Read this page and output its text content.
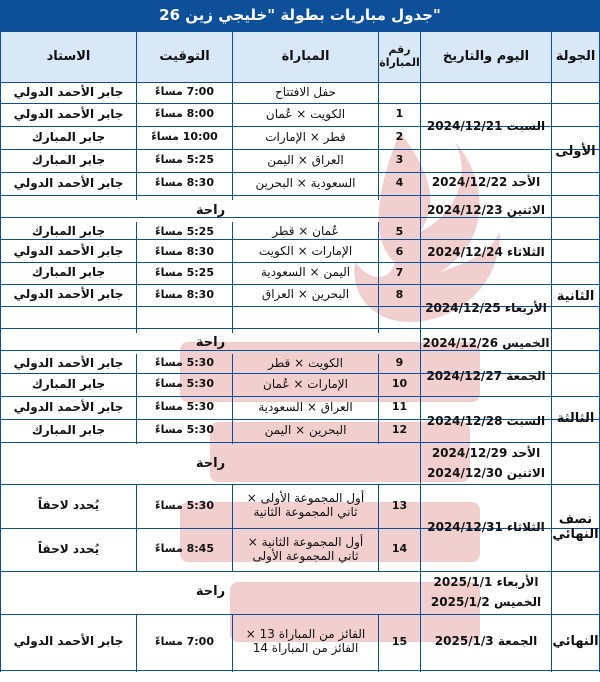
جدول مباريات بطولة "خليجي زين 26"
الجولة
اليوم والتاريخ
رقم المباراة
المباراة
التوقيت
الاستاد
الأولى
الثانية
الثالثة
نصف النهائي
النهائي
السبت 2024/12/21
الأحد 2024/12/22
الاثنين 2024/12/23
الثلاثاء 2024/12/24
الأربعاء 2024/12/25
الخميس 2024/12/26
الجمعة 2024/12/27
السبت 2024/12/28
الأحد 2024/12/29
الاثنين 2024/12/30
الثلاثاء 2024/12/31
الأربعاء 2025/1/1
الخميس 2025/1/2
الجمعة 2025/1/3
راحة
راحة
راحة
راحة
حفل الافتتاح
7:00 مساءً
جابر الأحمد الدولي
1
الكويت × عُمان
8:00 مساءً
جابر الأحمد الدولي
2
قطر × الإمارات
10:00 مساءً
جابر المبارك
3
العراق × اليمن
5:25 مساءً
جابر المبارك
4
السعودية × البحرين
8:30 مساءً
جابر الأحمد الدولي
5
عُمان × قطر
5:25 مساءً
جابر المبارك
6
الإمارات × الكويت
8:30 مساءً
جابر الأحمد الدولي
7
اليمن × السعودية
5:25 مساءً
جابر المبارك
8
البحرين × العراق
8:30 مساءً
جابر الأحمد الدولي
9
الكويت × قطر
5:30 مساءً
جابر الأحمد الدولي
10
الإمارات × عُمان
5:30 مساءً
جابر المبارك
11
العراق × السعودية
5:30 مساءً
جابر الأحمد الدولي
12
البحرين × اليمن
5:30 مساءً
جابر المبارك
13
أول المجموعة الأولى × ثاني المجموعة الثانية
5:30 مساءً
يُحدد لاحقاً
14
أول المجموعة الثانية × ثاني المجموعة الأولى
8:45 مساءً
يُحدد لاحقاً
15
الفائز من المباراة 13 × الفائز من المباراة 14
7:00 مساءً
جابر الأحمد الدولي
